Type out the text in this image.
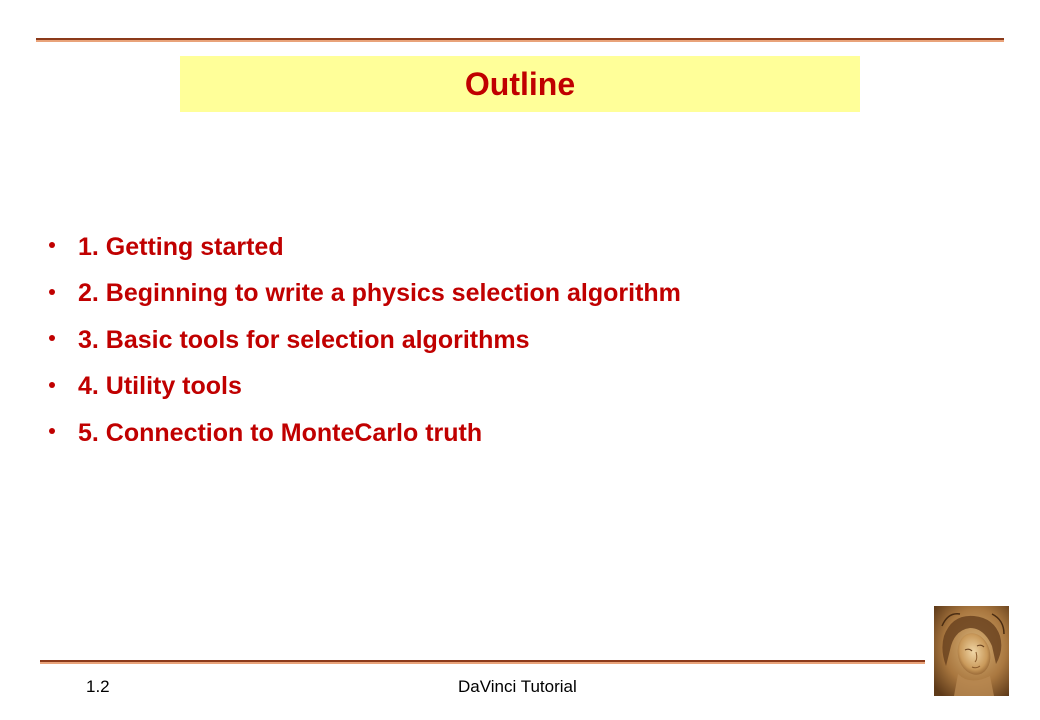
Outline
1. Getting started
2. Beginning to write a physics selection algorithm
3. Basic tools for selection algorithms
4. Utility tools
5. Connection to MonteCarlo truth
1.2	DaVinci Tutorial
